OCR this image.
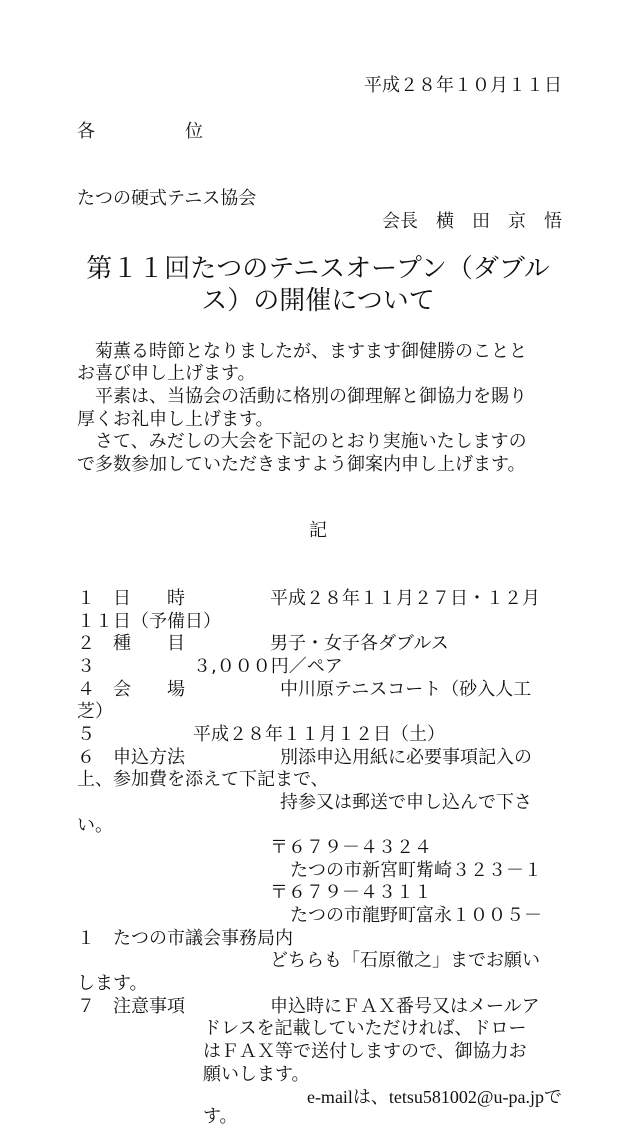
平成２８年１０月１１日
各　　　　　位
たつの硬式テニス協会
会長　横　田　京　悟
第１１回たつのテニスオープン（ダブル
ス）の開催について
　菊薫る時節となりましたが、ますます御健勝のことと
お喜び申し上げます。
　平素は、当協会の活動に格別の御理解と御協力を賜り
厚くお礼申し上げます。
　さて、みだしの大会を下記のとおり実施いたしますの
で多数参加していただきますよう御案内申し上げます。
記
１　日　　時	平成２８年１１月２７日・１２月
１１日（予備日）
２　種　　目	男子・女子各ダブルス
３	３,０００円／ペア
４　会　　場	中川原テニスコート（砂入人工
芝）
５	平成２８年１１月１２日（土）
６　申込方法	別添申込用紙に必要事項記入の
上、参加費を添えて下記まで、
持参又は郵送で申し込んで下さ
い。
〒６７９－４３２４
たつの市新宮町觜崎３２３－１
〒６７９－４３１１
たつの市龍野町富永１００５－
１　たつの市議会事務局内
どちらも「石原徹之」までお願い
します。
７　注意事項	申込時にＦＡＸ番号又はメールア
ドレスを記載していただければ、ドロー
はＦＡＸ等で送付しますので、御協力お
願いします。
e-mailは、tetsu581002@u-pa.jpで
す。
